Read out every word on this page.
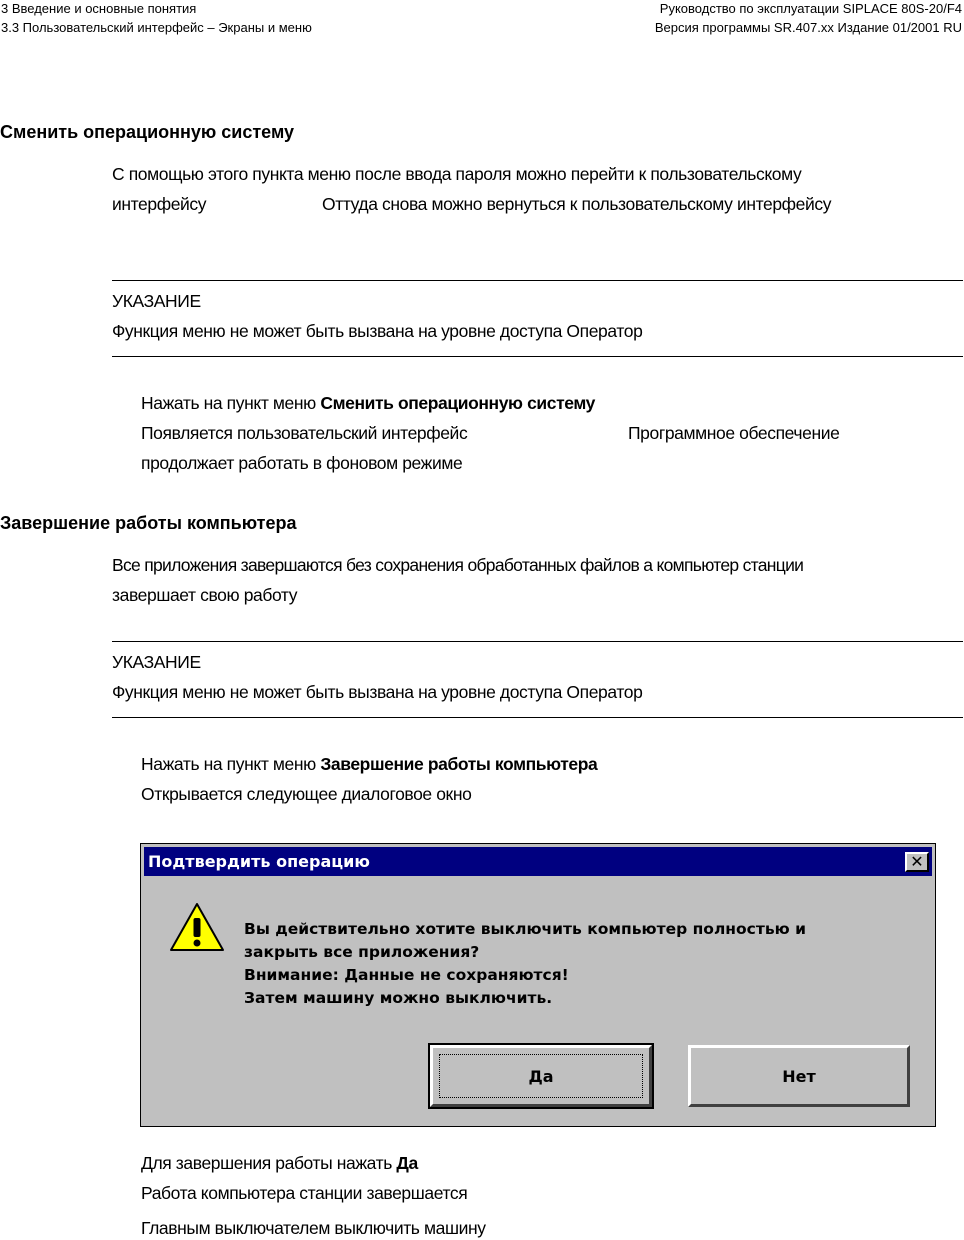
3 Введение и основные понятия
3.3 Пользовательский интерфейс – Экраны и меню
Руководство по эксплуатации SIPLACE 80S-20/F4
Версия программы SR.407.xx Издание 01/2001 RU
Сменить операционную систему
С помощью этого пункта меню после ввода пароля можно перейти к пользовательскому
интерфейсу	Оттуда снова можно вернуться к пользовательскому интерфейсу
УКАЗАНИЕ
Функция меню не может быть вызвана на уровне доступа Оператор
Нажать на пункт меню Сменить операционную систему
Появляется пользовательский интерфейс	Программное обеспечение
продолжает работать в фоновом режиме
Завершение работы компьютера
Все приложения завершаются без сохранения обработанных файлов а компьютер станции
завершает свою работу
УКАЗАНИЕ
Функция меню не может быть вызвана на уровне доступа Оператор
Нажать на пункт меню Завершение работы компьютера
Открывается следующее диалоговое окно
Подтвердить операцию	✕
Вы действительно хотите выключить компьютер полностью и
закрыть все приложения?
Внимание: Данные не сохраняются!
Затем машину можно выключить.
Да	Нет
Для завершения работы нажать Да
Работа компьютера станции завершается
Главным выключателем выключить машину
